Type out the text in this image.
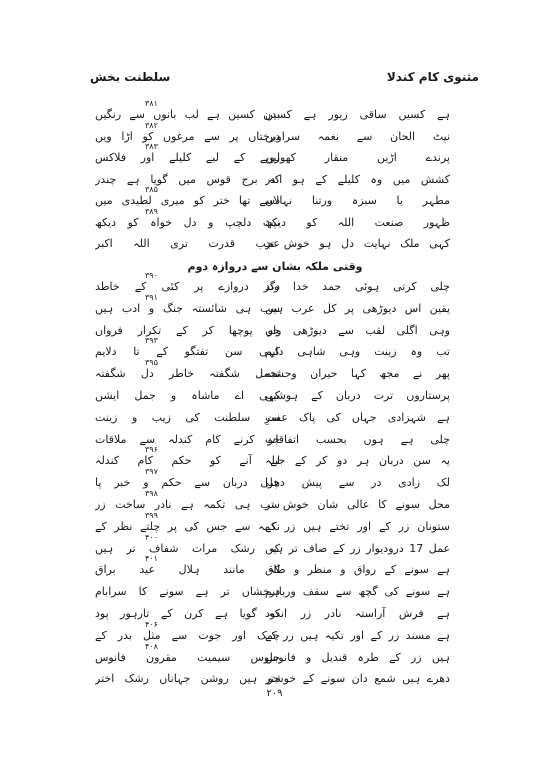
سلطنت بخش	مثنوی کام کندلا
وقتی ملکہ بشان سے دروازہ دوم
ہے کسیں ساقی زیور ہے کسیں
بدن کسیں ہے لب بانوں سے رنگیں
۳۸۱
نپٹ الحان سے نغمہ سراویں
درختاں پر سے مرغوں کو اڑا ویں
۳۸۲
پرندے اڑیں منقار کھولیں
روپے کے لیے کلیلے اور فلاکس
۳۸۳
کشش میں وہ کلیلے کے ہو اندر
کہ برج قوس میں گویا ہے چندر
مطہر یا سبزہ ورتنا نہالاں
دسے تھا ختر کو میری لطیدی میں
۳۸۵
ظہور صنعت اللہ کو دیکھ
نپٹ دلچپ و دل خواہ کو دیکھ
۳۸۹
کہی ملک نہایت دل ہو خوش تر
عجب قدرت تری اللہ اکبر
چلی کرتی ہوئی حمد خدا وند
دگر دروازے پر کئی کے خاطد
۳۹۰
یقین اس دیوڑھی پر کل عرب ہیں
سب ہی شائستہ جنگ و ادب ہیں
۳۹۱
وہی اگلی لقب سے دیوڑھی واں
جو پوچھا کر کے تکرار فرواں
تب وہ زینت وہی شاہی دایم
کہی سن تفتگو کے تا دلایم
۳۹۳
پھر نے مجھ کہا حیران وحشتہ
تجمل شگفتہ خاطر دل شگفتہ
۳۹۵
پرستاروں ترت دربان کے ہوشیں
کہی اے ماشاہ و جمل ایشں
ہے شہزادی جہاں کی پاک عفت
سرِ سلطنت کی زیب و زینت
چلی ہے ہوں بحسب اتفاقات
جو کرنے کام کندلہ سے ملاقات
یہ سن دربان ہر دو کر کے جبلہ
لے آنے کو حکم کام کندلہ
۳۹۶
لک زادی در سے پیش دھرا
چلی دربان سے حکم و خبر پا
۳۹۷
محل سونے کا عالی شان خوش تر
سب ہی تکمہ ہے نادر ساخت زر
۳۹۸
ستونان زر کے اور تختے ہیں زر کے
نکمہ سے جس کی پر چلتے نظر کے
۳۹۹
عمل 17 درودیوار زر کے صاف تر ہیں
کہ رشک مرات شفاف تر ہیں
۴۰۰
ہے سونے کے رواق و منظر و طاق
کہ مانند ہلال عید براق
۴۰۱
ہے سونے کی گچھ سے سقف ورباہم
درخشاں تر ہے سونے کا سرابام
ہے فرش آراستہ نادر زر اندود
کہ گویا ہے کرن کے تارہور پود
ہے مسند زر کے اور تکیہ ہیں زر کے
چمک اور جوت سے مثل بدر کے
۴۰۶
ہیں زر کے طرہ قندیل و فانوس
جلوس سیمیت مقرون فانوس
۴۰۸
دھرے ہیں شمع دان سونے کے خوشتر
جو ہیں روشن جہاناں رشک اختر
۲۰۹
